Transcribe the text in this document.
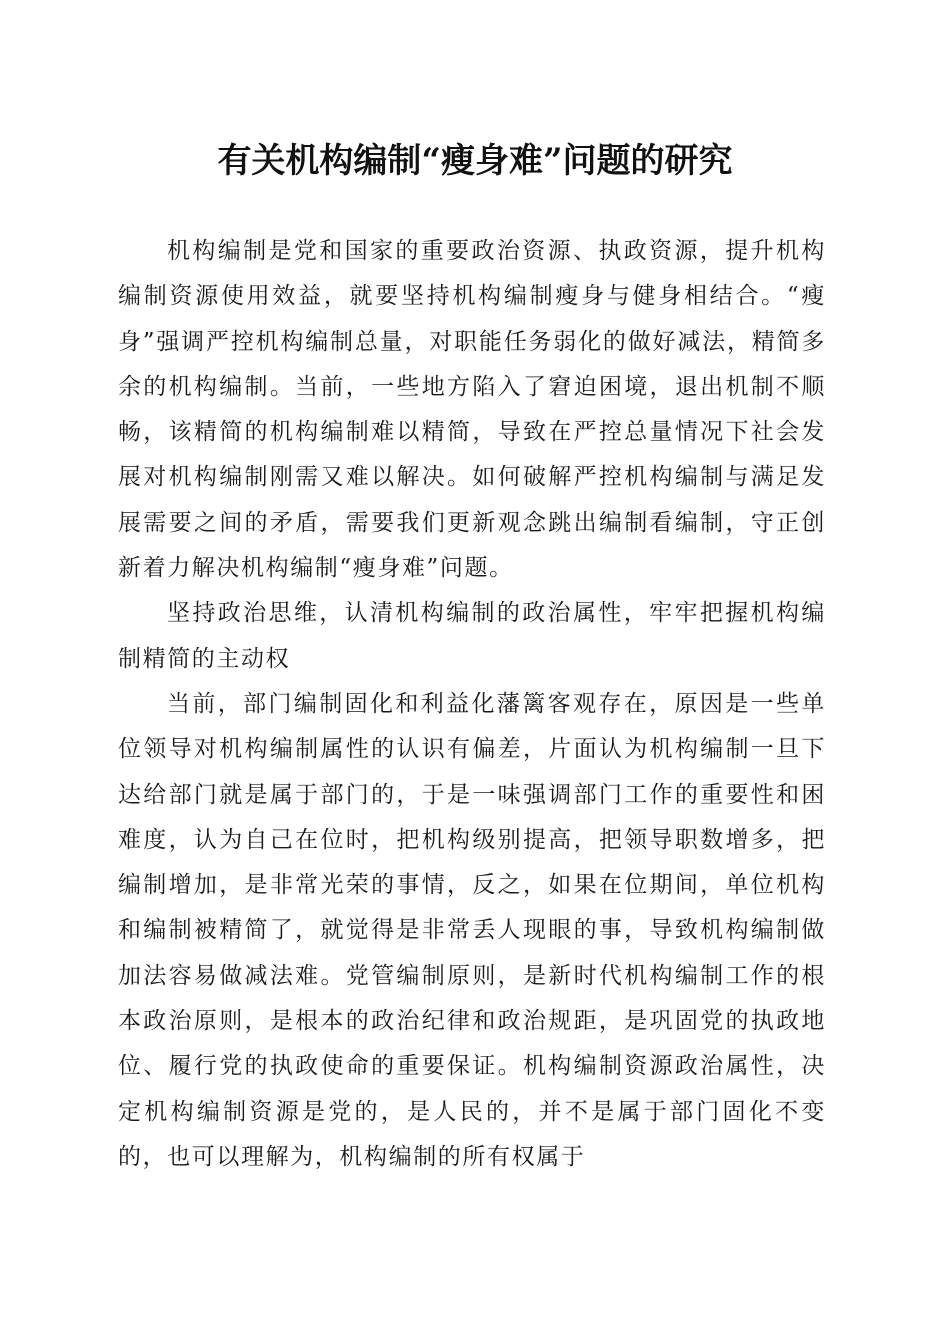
有关机构编制“瘦身难”问题的研究

机构编制是党和国家的重要政治资源、执政资源，提升机构编制资源使用效益，就要坚持机构编制瘦身与健身相结合。“瘦身”强调严控机构编制总量，对职能任务弱化的做好减法，精简多余的机构编制。当前，一些地方陷入了窘迫困境，退出机制不顺畅，该精简的机构编制难以精简，导致在严控总量情况下社会发展对机构编制刚需又难以解决。如何破解严控机构编制与满足发展需要之间的矛盾，需要我们更新观念跳出编制看编制，守正创新着力解决机构编制“瘦身难”问题。

坚持政治思维，认清机构编制的政治属性，牢牢把握机构编制精简的主动权

当前，部门编制固化和利益化藩篱客观存在，原因是一些单位领导对机构编制属性的认识有偏差，片面认为机构编制一旦下达给部门就是属于部门的，于是一味强调部门工作的重要性和困难度，认为自己在位时，把机构级别提高，把领导职数增多，把编制增加，是非常光荣的事情，反之，如果在位期间，单位机构和编制被精简了，就觉得是非常丢人现眼的事，导致机构编制做加法容易做减法难。党管编制原则，是新时代机构编制工作的根本政治原则，是根本的政治纪律和政治规距，是巩固党的执政地位、履行党的执政使命的重要保证。机构编制资源政治属性，决定机构编制资源是党的，是人民的，并不是属于部门固化不变的，也可以理解为，机构编制的所有权属于
